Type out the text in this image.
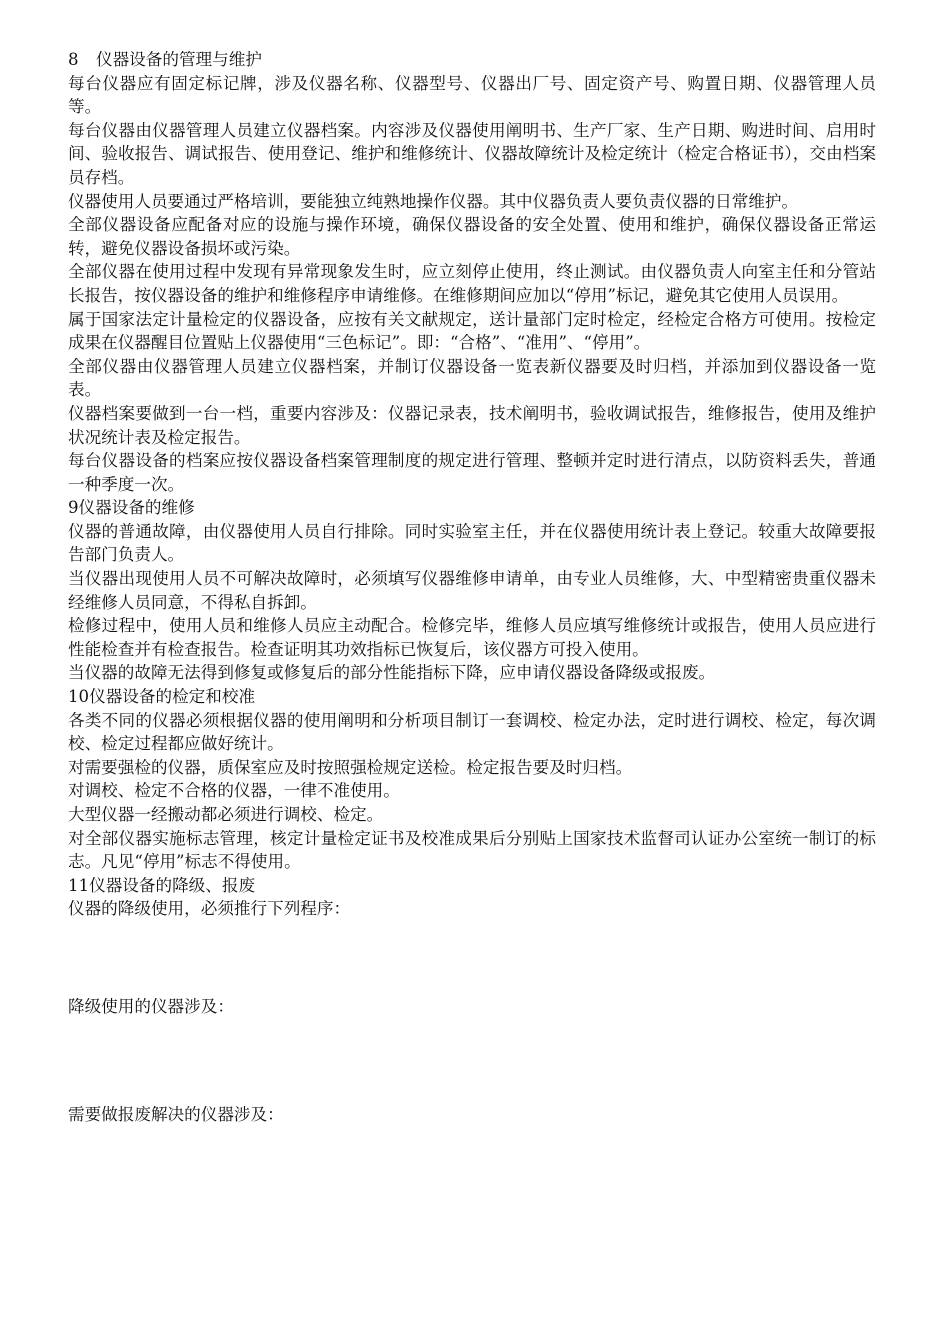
8 仪器设备的管理与维护

每台仪器应有固定标记牌，涉及仪器名称、仪器型号、仪器出厂号、固定资产号、购置日期、仪器管理人员等。

每台仪器由仪器管理人员建立仪器档案。内容涉及仪器使用阐明书、生产厂家、生产日期、购进时间、启用时间、验收报告、调试报告、使用登记、维护和维修统计、仪器故障统计及检定统计（检定合格证书），交由档案员存档。

仪器使用人员要通过严格培训，要能独立纯熟地操作仪器。其中仪器负责人要负责仪器的日常维护。

全部仪器设备应配备对应的设施与操作环境，确保仪器设备的安全处置、使用和维护，确保仪器设备正常运转，避免仪器设备损坏或污染。

全部仪器在使用过程中发现有异常现象发生时，应立刻停止使用，终止测试。由仪器负责人向室主任和分管站长报告，按仪器设备的维护和维修程序申请维修。在维修期间应加以“停用”标记，避免其它使用人员误用。

属于国家法定计量检定的仪器设备，应按有关文献规定，送计量部门定时检定，经检定合格方可使用。按检定成果在仪器醒目位置贴上仪器使用“三色标记”。即：“合格”、“准用”、“停用”。

全部仪器由仪器管理人员建立仪器档案，并制订仪器设备一览表新仪器要及时归档，并添加到仪器设备一览表。

仪器档案要做到一台一档，重要内容涉及：仪器记录表，技术阐明书，验收调试报告，维修报告，使用及维护状况统计表及检定报告。

每台仪器设备的档案应按仪器设备档案管理制度的规定进行管理、整顿并定时进行清点，以防资料丢失，普通一种季度一次。

9仪器设备的维修

仪器的普通故障，由仪器使用人员自行排除。同时实验室主任，并在仪器使用统计表上登记。较重大故障要报告部门负责人。

当仪器出现使用人员不可解决故障时，必须填写仪器维修申请单，由专业人员维修，大、中型精密贵重仪器未经维修人员同意，不得私自拆卸。

检修过程中，使用人员和维修人员应主动配合。检修完毕，维修人员应填写维修统计或报告，使用人员应进行性能检查并有检查报告。检查证明其功效指标已恢复后，该仪器方可投入使用。

当仪器的故障无法得到修复或修复后的部分性能指标下降，应申请仪器设备降级或报废。

10仪器设备的检定和校准

各类不同的仪器必须根据仪器的使用阐明和分析项目制订一套调校、检定办法，定时进行调校、检定，每次调校、检定过程都应做好统计。

对需要强检的仪器，质保室应及时按照强检规定送检。检定报告要及时归档。

对调校、检定不合格的仪器，一律不准使用。

大型仪器一经搬动都必须进行调校、检定。

对全部仪器实施标志管理，核定计量检定证书及校准成果后分别贴上国家技术监督司认证办公室统一制订的标志。凡见“停用”标志不得使用。

11仪器设备的降级、报废

仪器的降级使用，必须推行下列程序：

降级使用的仪器涉及：

需要做报废解决的仪器涉及：
